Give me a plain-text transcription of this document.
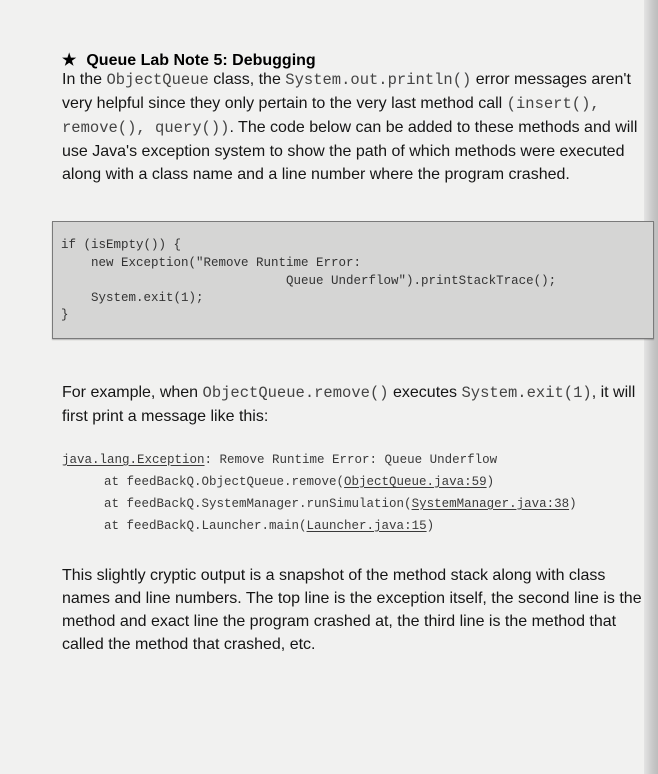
★ Queue Lab Note 5: Debugging
In the ObjectQueue class, the System.out.println() error messages aren't very helpful since they only pertain to the very last method call (insert(), remove(), query()). The code below can be added to these methods and will use Java's exception system to show the path of which methods were executed along with a class name and a line number where the program crashed.
if (isEmpty()) {
new Exception("Remove Runtime Error:
Queue Underflow").printStackTrace();
System.exit(1);
}
For example, when ObjectQueue.remove() executes System.exit(1), it will first print a message like this:
java.lang.Exception: Remove Runtime Error: Queue Underflow
at feedBackQ.ObjectQueue.remove(ObjectQueue.java:59)
at feedBackQ.SystemManager.runSimulation(SystemManager.java:38)
at feedBackQ.Launcher.main(Launcher.java:15)
This slightly cryptic output is a snapshot of the method stack along with class names and line numbers. The top line is the exception itself, the second line is the method and exact line the program crashed at, the third line is the method that called the method that crashed, etc.
